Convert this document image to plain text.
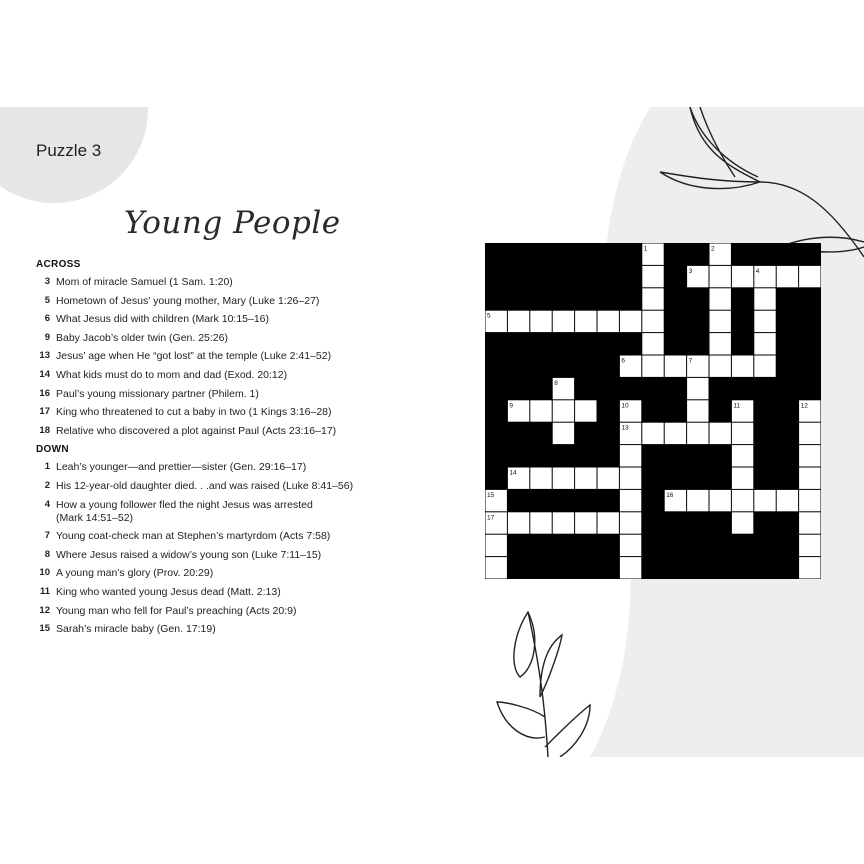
Puzzle 3
Young People
ACROSS
3 Mom of miracle Samuel (1 Sam. 1:20)
5 Hometown of Jesus’ young mother, Mary (Luke 1:26–27)
6 What Jesus did with children (Mark 10:15–16)
9 Baby Jacob’s older twin (Gen. 25:26)
13 Jesus’ age when He “got lost” at the temple (Luke 2:41–52)
14 What kids must do to mom and dad (Exod. 20:12)
16 Paul’s young missionary partner (Philem. 1)
17 King who threatened to cut a baby in two (1 Kings 3:16–28)
18 Relative who discovered a plot against Paul (Acts 23:16–17)
DOWN
1 Leah’s younger—and prettier—sister (Gen. 29:16–17)
2 His 12-year-old daughter died. . .and was raised (Luke 8:41–56)
4 How a young follower fled the night Jesus was arrested
(Mark 14:51–52)
7 Young coat-check man at Stephen’s martyrdom (Acts 7:58)
8 Where Jesus raised a widow’s young son (Luke 7:11–15)
10 A young man’s glory (Prov. 20:29)
11 King who wanted young Jesus dead (Matt. 2:13)
12 Young man who fell for Paul’s preaching (Acts 20:9)
15 Sarah’s miracle baby (Gen. 17:19)
1	2
3	4
5
6	7
8
9	10	11	12
13
14
15	16
17
